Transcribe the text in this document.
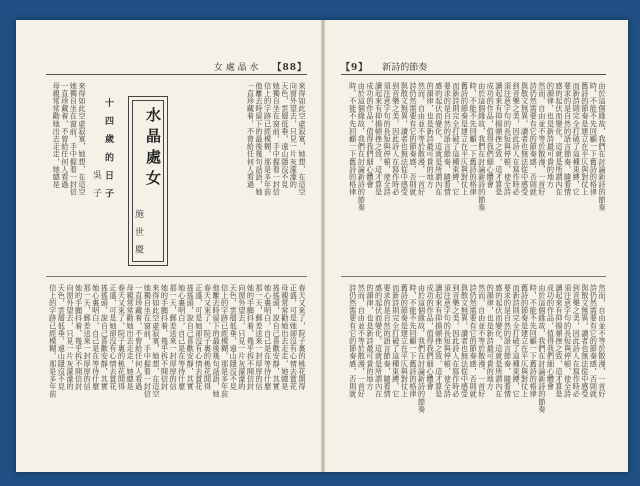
女 處 晶 水 【88】
來得如此空虛寂寞，她想，在這空
向窗外望去，只見一片灰濛濛的
天色，雲層低垂，遠山隱沒不見
她獨自坐在窗前，手中握着一封信
信上的字跡已經模糊，那是多年前
他離去時留下的最後幾句話語，她
一直珍藏着，不曾給任何人看過
水晶處女
施 世 慶
十 四 歲 的 日 子
吳 子
來得如此空虛寂寞，她想，在這空
她獨自坐在窗前，手中握着一封信
一直珍藏着，不曾給任何人看過
母親常常勸她出去走走，她總是
春天又來了，院子裏的桃花開得
正盛，可是她卻沒有心情去賞花
母親常常勸她出去走走，她總是
搖搖頭，說自己喜歡安靜，其實
她心裏明白，自己是在等待什麼
那一天，郵差送來一封厚厚的信
她的手顫抖着，幾乎拆不開信封
向窗外望去，只見一片灰濛濛的
天色，雲層低垂，遠山隱沒不見
信上的字跡已經模糊，那是多年前
他離去時留下的最後幾句話語，她
春天又來了，院子裏的桃花開得
正盛，可是她卻沒有心情去賞花
搖搖頭，說自己喜歡安靜，其實
她心裏明白，自己是在等待什麼
那一天，郵差送來一封厚厚的信
她的手顫抖着，幾乎拆不開信封
來得如此空虛寂寞，她想，在這空
她獨自坐在窗前，手中握着一封信
一直珍藏着，不曾給任何人看過
母親常常勸她出去走走，她總是
春天又來了，院子裏的桃花開得
正盛，可是她卻沒有心情去賞花
搖搖頭，說自己喜歡安靜，其實
她心裏明白，自己是在等待什麼
那一天，郵差送來一封厚厚的信
她的手顫抖着，幾乎拆不開信封
向窗外望去，只見一片灰濛濛的
天色，雲層低垂，遠山隱沒不見
信上的字跡已經模糊，那是多年前
【9】 新詩的節奏
由於這個緣故，我們在討論新詩的節奏
時，不能不先回顧一下舊詩的格律
舊詩的節奏是建立在平仄與對仗上
而新詩則完全打破了這種束縛，它
要求的是自然的語言節奏，隨着情
感的起伏而變化，這就是所謂內在
的韻律，也是新詩最可貴的地方
然而，自由並不等於散漫，一首好
詩仍然需要有它的節奏感，否則就
與散文無異，讀者也無法從中感受
到音樂之美，因此詩人在寫作時必
須注意字句的長短與停頓，使全詩
讀起來有抑揚頓挫之致，這才算是
成功的作品，值得我們細心體會
由於這個緣故，我們在討論新詩的節奏
時，不能不先回顧一下舊詩的格律
舊詩的節奏是建立在平仄與對仗上
而新詩則完全打破了這種束縛，它
要求的是自然的語言節奏，隨着情
感的起伏而變化，這就是所謂內在
的韻律，也是新詩最可貴的地方
然而，自由並不等於散漫，一首好
詩仍然需要有它的節奏感，否則就
與散文無異，讀者也無法從中感受
到音樂之美，因此詩人在寫作時必
須注意字句的長短與停頓，使全詩
讀起來有抑揚頓挫之致，這才算是
成功的作品，值得我們細心體會
由於這個緣故，我們在討論新詩的節奏
時，不能不先回顧一下舊詩的格律
然而，自由並不等於散漫，一首好
詩仍然需要有它的節奏感，否則就
與散文無異，讀者也無法從中感受
到音樂之美，因此詩人在寫作時必
須注意字句的長短與停頓，使全詩
讀起來有抑揚頓挫之致，這才算是
成功的作品，值得我們細心體會
由於這個緣故，我們在討論新詩的節奏
時，不能不先回顧一下舊詩的格律
舊詩的節奏是建立在平仄與對仗上
而新詩則完全打破了這種束縛，它
要求的是自然的語言節奏，隨着情
感的起伏而變化，這就是所謂內在
的韻律，也是新詩最可貴的地方
然而，自由並不等於散漫，一首好
詩仍然需要有它的節奏感，否則就
與散文無異，讀者也無法從中感受
到音樂之美，因此詩人在寫作時必
須注意字句的長短與停頓，使全詩
讀起來有抑揚頓挫之致，這才算是
成功的作品，值得我們細心體會
由於這個緣故，我們在討論新詩的節奏
時，不能不先回顧一下舊詩的格律
舊詩的節奏是建立在平仄與對仗上
而新詩則完全打破了這種束縛，它
要求的是自然的語言節奏，隨着情
感的起伏而變化，這就是所謂內在
的韻律，也是新詩最可貴的地方
然而，自由並不等於散漫，一首好
詩仍然需要有它的節奏感，否則就
